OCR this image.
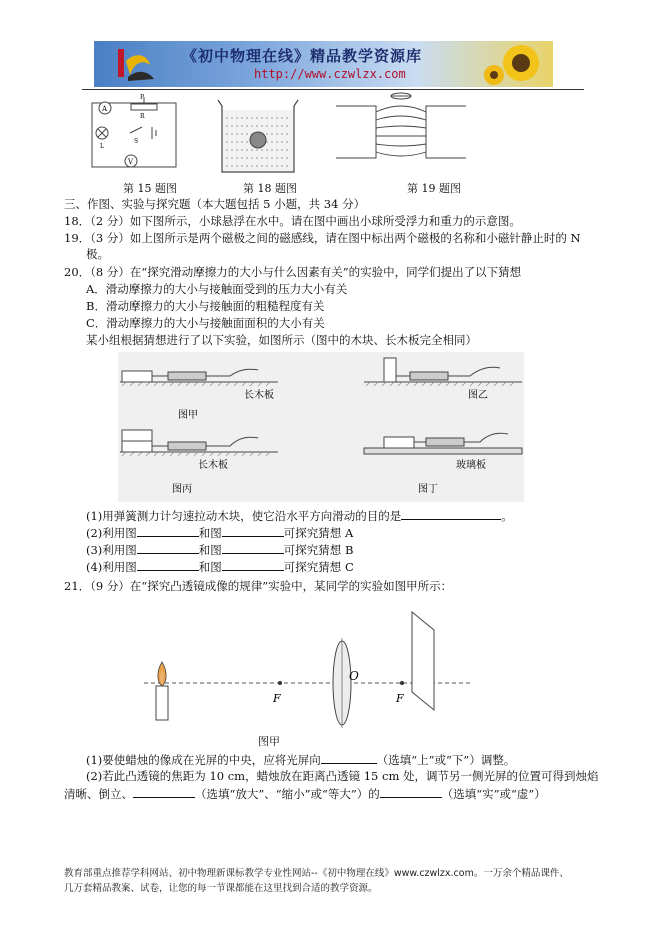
《初中物理在线》精品教学资源库
http://www.czwlzx.com
A
P
R
L
S
V
第 15 题图	第 18 题图	第 19 题图
三、作图、实验与探究题（本大题包括 5 小题，共 34 分）
18．（2 分）如下图所示，小球悬浮在水中。请在图中画出小球所受浮力和重力的示意图。
19．（3 分）如上图所示是两个磁极之间的磁感线，请在图中标出两个磁极的名称和小磁针静止时的 N
极。
20．（8 分）在“探究滑动摩擦力的大小与什么因素有关”的实验中，同学们提出了以下猜想
A．滑动摩擦力的大小与接触面受到的压力大小有关
B．滑动摩擦力的大小与接触面的粗糙程度有关
C．滑动摩擦力的大小与接触面面积的大小有关
某小组根据猜想进行了以下实验，如图所示（图中的木块、长木板完全相同）
长木板
图甲
图乙
长木板
图丙
玻璃板
图丁
(1)用弹簧测力计匀速拉动木块，使它沿水平方向滑动的目的是	。
(2)利用图	和图	可探究猜想 A
(3)利用图	和图	可探究猜想 B
(4)利用图	和图	可探究猜想 C
21．（9 分）在“探究凸透镜成像的规律”实验中，某同学的实验如图甲所示：
F
O
F
图甲
(1)要使蜡烛的像成在光屏的中央，应将光屏向	（选填“上”或“下”）调整。
(2)若此凸透镜的焦距为 10 cm，蜡烛放在距离凸透镜 15 cm 处，调节另一侧光屏的位置可得到烛焰
清晰、倒立、	（选填“放大”、“缩小”或“等大”）的	（选填“实”或“虚”）
教育部重点推荐学科网站、初中物理新课标教学专业性网站--《初中物理在线》www.czwlzx.com。一万余个精品课件、
几万套精品教案、试卷，让您的每一节课都能在这里找到合适的教学资源。
